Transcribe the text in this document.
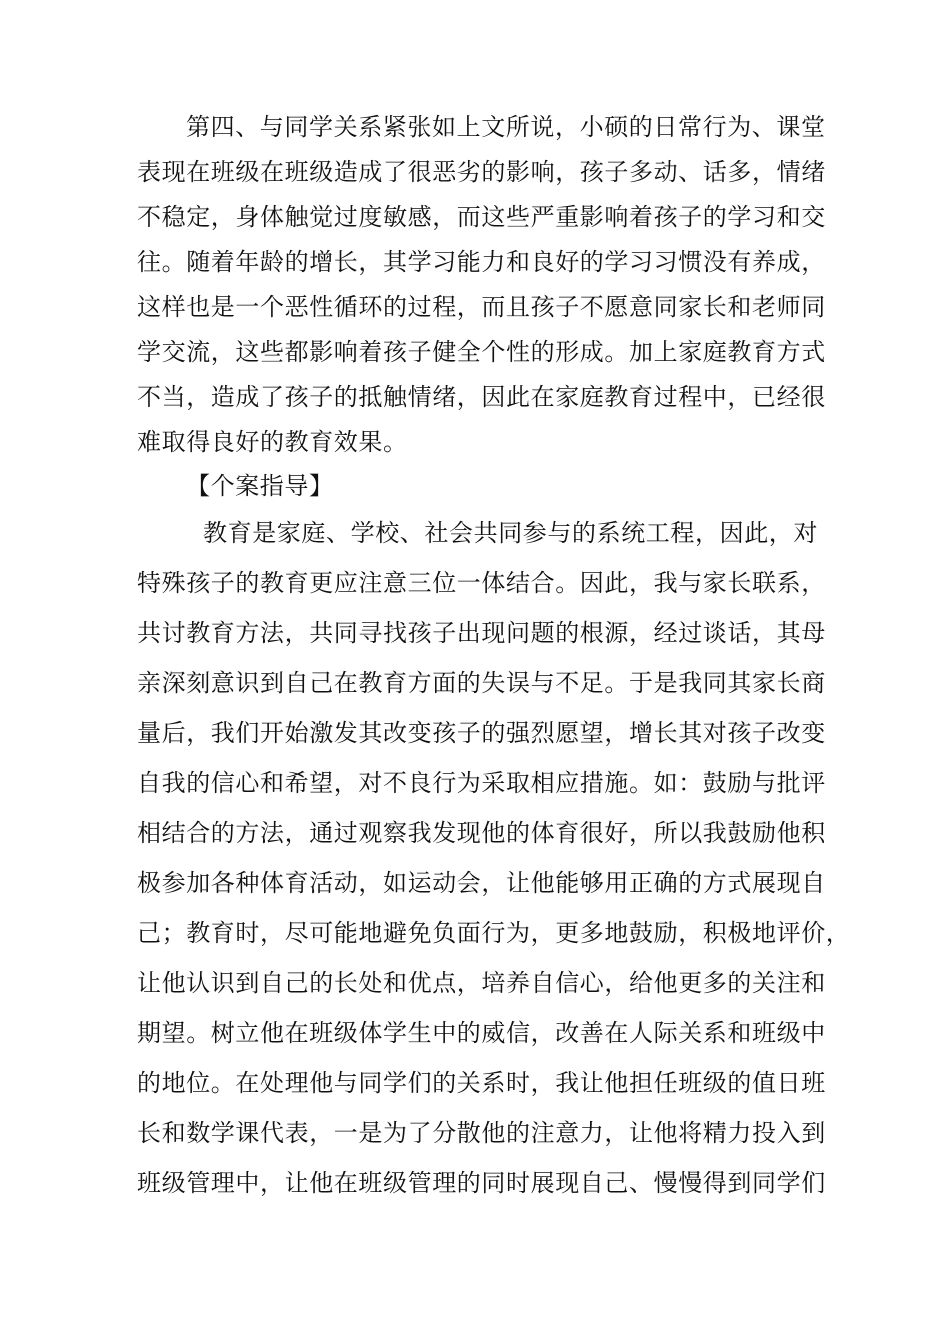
第四、与同学关系紧张如上文所说，小硕的日常行为、课堂
表现在班级在班级造成了很恶劣的影响，孩子多动、话多，情绪
不稳定，身体触觉过度敏感，而这些严重影响着孩子的学习和交
往。随着年龄的增长，其学习能力和良好的学习习惯没有养成，
这样也是一个恶性循环的过程，而且孩子不愿意同家长和老师同
学交流，这些都影响着孩子健全个性的形成。加上家庭教育方式
不当，造成了孩子的抵触情绪，因此在家庭教育过程中，已经很
难取得良好的教育效果。
【个案指导】
教育是家庭、学校、社会共同参与的系统工程，因此，对
特殊孩子的教育更应注意三位一体结合。因此，我与家长联系，
共讨教育方法，共同寻找孩子出现问题的根源，经过谈话，其母
亲深刻意识到自己在教育方面的失误与不足。于是我同其家长商
量后，我们开始激发其改变孩子的强烈愿望，增长其对孩子改变
自我的信心和希望，对不良行为采取相应措施。如：鼓励与批评
相结合的方法，通过观察我发现他的体育很好，所以我鼓励他积
极参加各种体育活动，如运动会，让他能够用正确的方式展现自
己；教育时，尽可能地避免负面行为，更多地鼓励，积极地评价，
让他认识到自己的长处和优点，培养自信心，给他更多的关注和
期望。树立他在班级体学生中的威信，改善在人际关系和班级中
的地位。在处理他与同学们的关系时，我让他担任班级的值日班
长和数学课代表，一是为了分散他的注意力，让他将精力投入到
班级管理中，让他在班级管理的同时展现自己、慢慢得到同学们
